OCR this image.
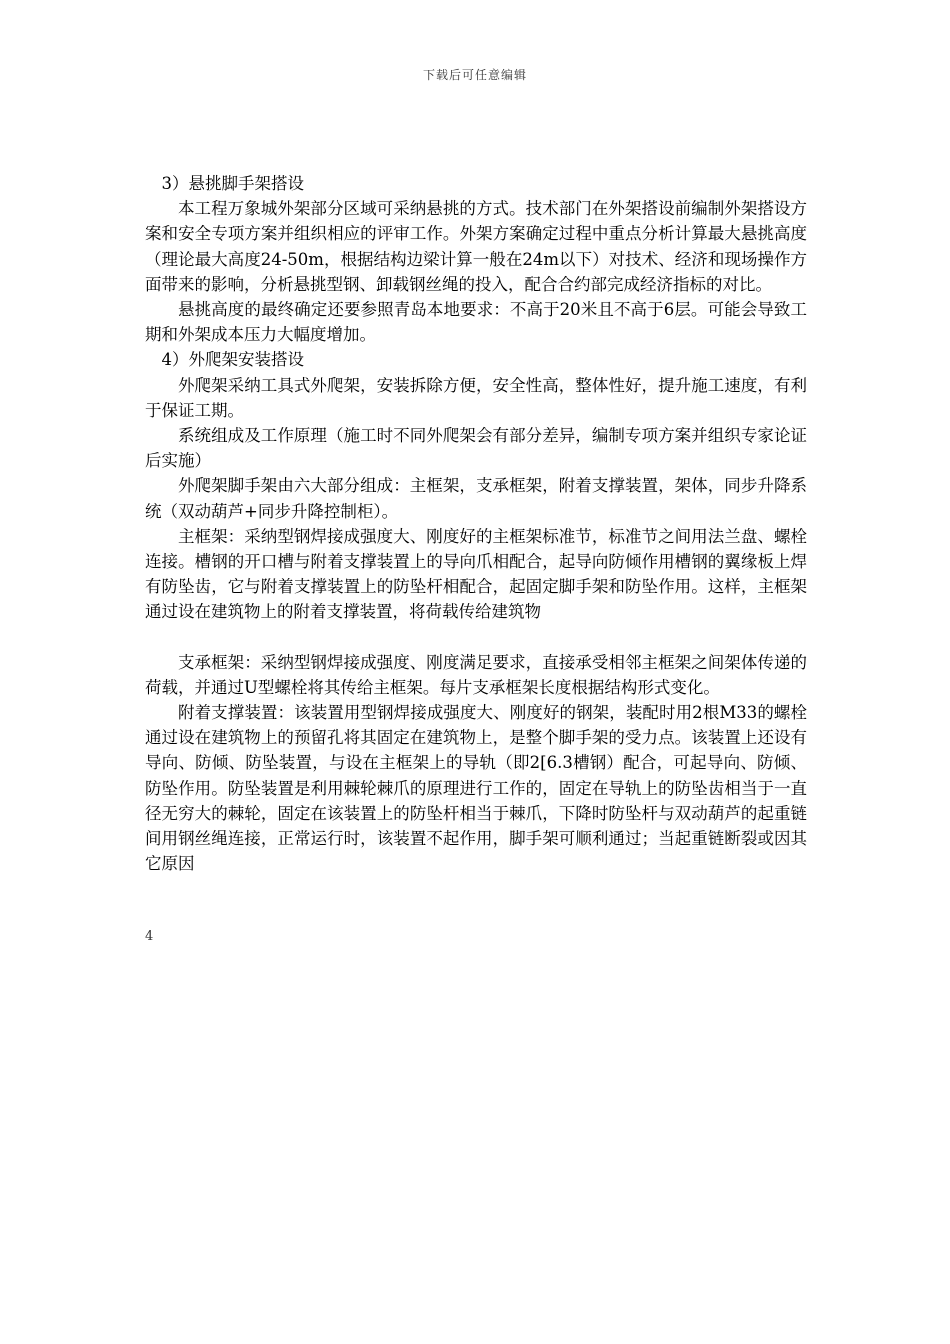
下载后可任意编辑

3）悬挑脚手架搭设

本工程万象城外架部分区域可采纳悬挑的方式。技术部门在外架搭设前编制外架搭设方案和安全专项方案并组织相应的评审工作。外架方案确定过程中重点分析计算最大悬挑高度（理论最大高度24-50m，根据结构边梁计算一般在24m以下）对技术、经济和现场操作方面带来的影响，分析悬挑型钢、卸载钢丝绳的投入，配合合约部完成经济指标的对比。

悬挑高度的最终确定还要参照青岛本地要求：不高于20米且不高于6层。可能会导致工期和外架成本压力大幅度增加。

4）外爬架安装搭设

外爬架采纳工具式外爬架，安装拆除方便，安全性高，整体性好，提升施工速度，有利于保证工期。

系统组成及工作原理（施工时不同外爬架会有部分差异，编制专项方案并组织专家论证后实施）

外爬架脚手架由六大部分组成：主框架，支承框架，附着支撑装置，架体，同步升降系统（双动葫芦+同步升降控制柜）。

主框架：采纳型钢焊接成强度大、刚度好的主框架标准节，标准节之间用法兰盘、螺栓连接。槽钢的开口槽与附着支撑装置上的导向爪相配合，起导向防倾作用槽钢的翼缘板上焊有防坠齿，它与附着支撑装置上的防坠杆相配合，起固定脚手架和防坠作用。这样，主框架通过设在建筑物上的附着支撑装置，将荷载传给建筑物

支承框架：采纳型钢焊接成强度、刚度满足要求，直接承受相邻主框架之间架体传递的荷载，并通过U型螺栓将其传给主框架。每片支承框架长度根据结构形式变化。

附着支撑装置：该装置用型钢焊接成强度大、刚度好的钢架，装配时用2根M33的螺栓通过设在建筑物上的预留孔将其固定在建筑物上，是整个脚手架的受力点。该装置上还设有导向、防倾、防坠装置，与设在主框架上的导轨（即2[6.3槽钢）配合，可起导向、防倾、防坠作用。防坠装置是利用棘轮棘爪的原理进行工作的，固定在导轨上的防坠齿相当于一直径无穷大的棘轮，固定在该装置上的防坠杆相当于棘爪，下降时防坠杆与双动葫芦的起重链间用钢丝绳连接，正常运行时，该装置不起作用，脚手架可顺利通过；当起重链断裂或因其它原因

4
